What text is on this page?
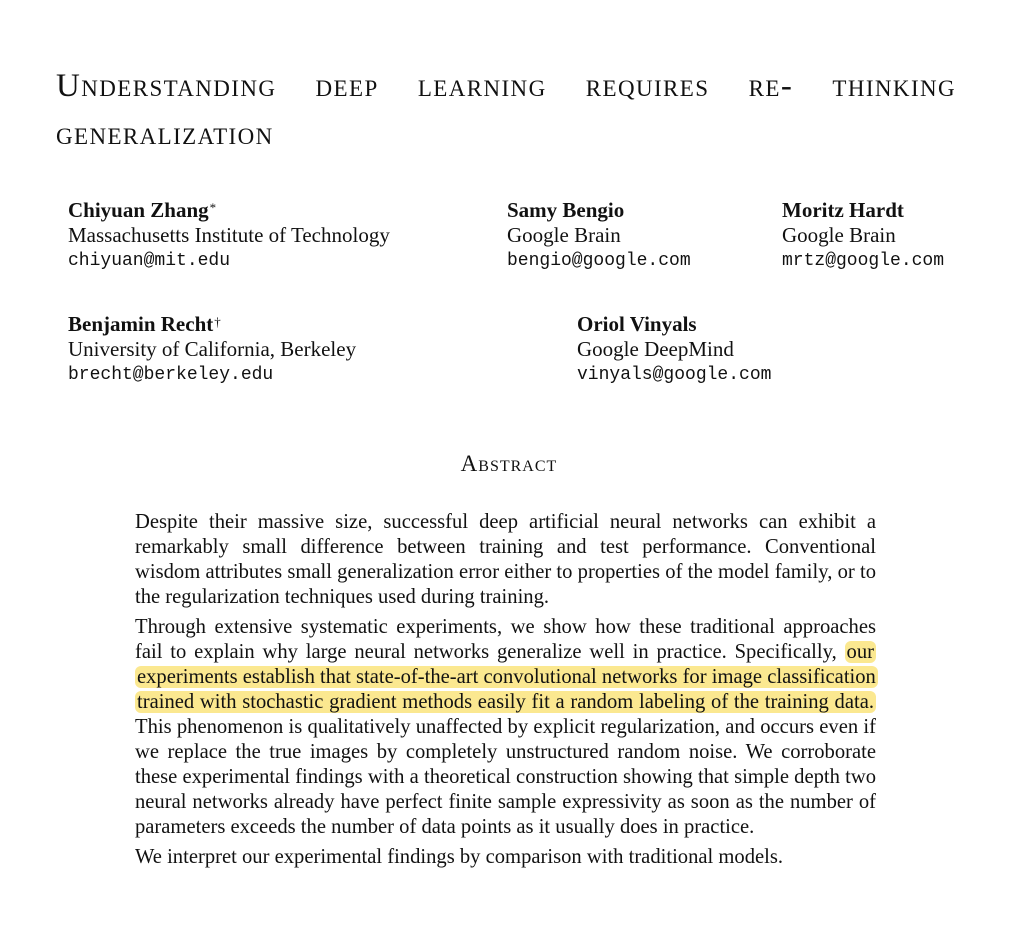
Understanding deep learning requires re- thinking generalization
Chiyuan Zhang*
Massachusetts Institute of Technology
chiyuan@mit.edu
Samy Bengio
Google Brain
bengio@google.com
Moritz Hardt
Google Brain
mrtz@google.com
Benjamin Recht†
University of California, Berkeley
brecht@berkeley.edu
Oriol Vinyals
Google DeepMind
vinyals@google.com
Abstract

Despite their massive size, successful deep artificial neural networks can exhibit a remarkably small difference between training and test performance. Conventional wisdom attributes small generalization error either to properties of the model family, or to the regularization techniques used during training.

Through extensive systematic experiments, we show how these traditional approaches fail to explain why large neural networks generalize well in practice. Specifically, our experiments establish that state-of-the-art convolutional networks for image classification trained with stochastic gradient methods easily fit a random labeling of the training data. This phenomenon is qualitatively unaffected by explicit regularization, and occurs even if we replace the true images by completely unstructured random noise. We corroborate these experimental findings with a theoretical construction showing that simple depth two neural networks already have perfect finite sample expressivity as soon as the number of parameters exceeds the number of data points as it usually does in practice.

We interpret our experimental findings by comparison with traditional models.
